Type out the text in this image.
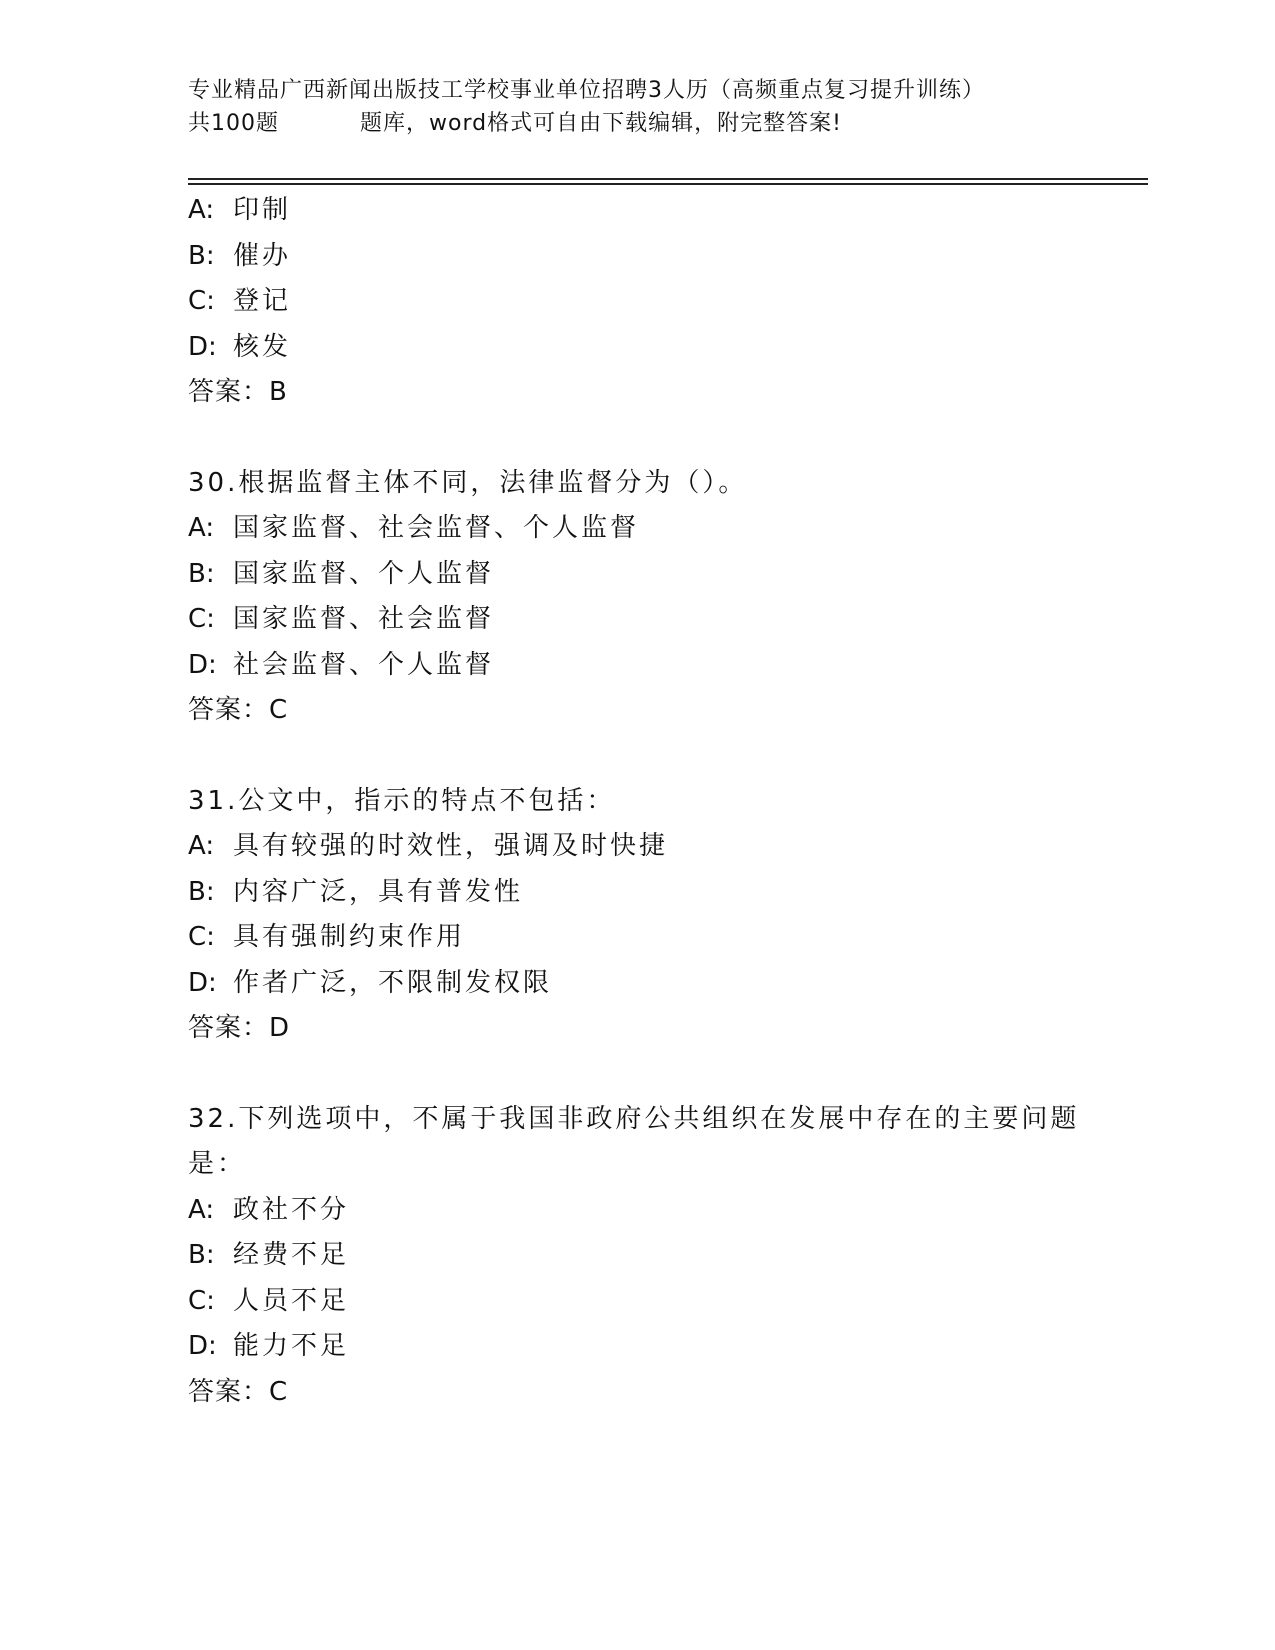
专业精品广西新闻出版技工学校事业单位招聘3人历（高频重点复习提升训练）
共100题	题库，word格式可自由下载编辑，附完整答案!
A: 印制
B: 催办
C: 登记
D: 核发
答案：B
30.根据监督主体不同，法律监督分为（）。
A: 国家监督、社会监督、个人监督
B: 国家监督、个人监督
C: 国家监督、社会监督
D: 社会监督、个人监督
答案：C
31.公文中，指示的特点不包括：
A: 具有较强的时效性，强调及时快捷
B: 内容广泛，具有普发性
C: 具有强制约束作用
D: 作者广泛，不限制发权限
答案：D
32.下列选项中，不属于我国非政府公共组织在发展中存在的主要问题
是：
A: 政社不分
B: 经费不足
C: 人员不足
D: 能力不足
答案：C
